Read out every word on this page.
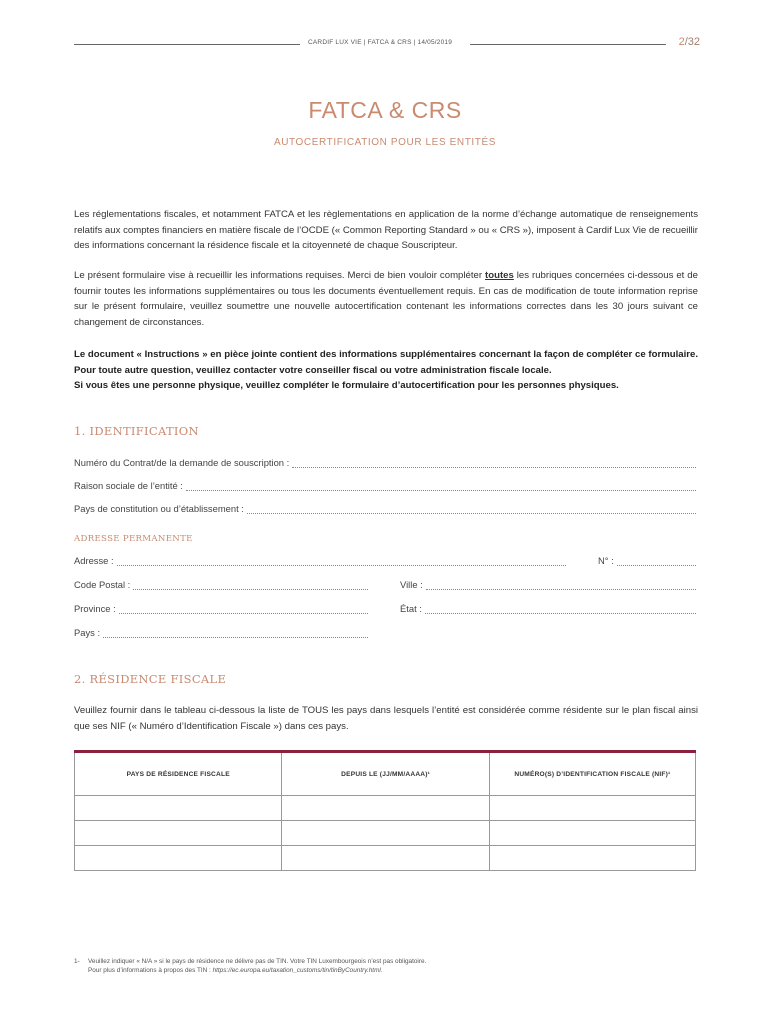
CARDIF LUX VIE | FATCA & CRS | 14/05/2019	2/32
FATCA & CRS
AUTOCERTIFICATION POUR LES ENTITÉS
Les réglementations fiscales, et notamment FATCA et les règlementations en application de la norme d’échange automatique de renseignements relatifs aux comptes financiers en matière fiscale de l’OCDE (« Common Reporting Standard » ou « CRS »), imposent à Cardif Lux Vie de recueillir des informations concernant la résidence fiscale et la citoyenneté de chaque Souscripteur.
Le présent formulaire vise à recueillir les informations requises. Merci de bien vouloir compléter toutes les rubriques concernées ci-dessous et de fournir toutes les informations supplémentaires ou tous les documents éventuellement requis. En cas de modification de toute information reprise sur le présent formulaire, veuillez soumettre une nouvelle autocertification contenant les informations correctes dans les 30 jours suivant ce changement de circonstances.
Le document « Instructions » en pièce jointe contient des informations supplémentaires concernant la façon de compléter ce formulaire. Pour toute autre question, veuillez contacter votre conseiller fiscal ou votre administration fiscale locale.
Si vous êtes une personne physique, veuillez compléter le formulaire d’autocertification pour les personnes physiques.
1. IDENTIFICATION
Numéro du Contrat/de la demande de souscription :
Raison sociale de l’entité :
Pays de constitution ou d’établissement :
ADRESSE PERMANENTE
Adresse :	N° :
Code Postal :	Ville :
Province :	État :
Pays :
2. RÉSIDENCE FISCALE
Veuillez fournir dans le tableau ci-dessous la liste de TOUS les pays dans lesquels l’entité est considérée comme résidente sur le plan fiscal ainsi que ses NIF (« Numéro d’Identification Fiscale ») dans ces pays.
PAYS DE RÉSIDENCE FISCALE	DEPUIS LE (JJ/MM/AAAA)¹	NUMÉRO(S) D’IDENTIFICATION FISCALE (NIF)¹

1- Veuillez indiquer « N/A » si le pays de résidence ne délivre pas de TIN. Votre TIN Luxembourgeois n’est pas obligatoire.
Pour plus d’informations à propos des TIN : https://ec.europa.eu/taxation_customs/tin/tinByCountry.html.
